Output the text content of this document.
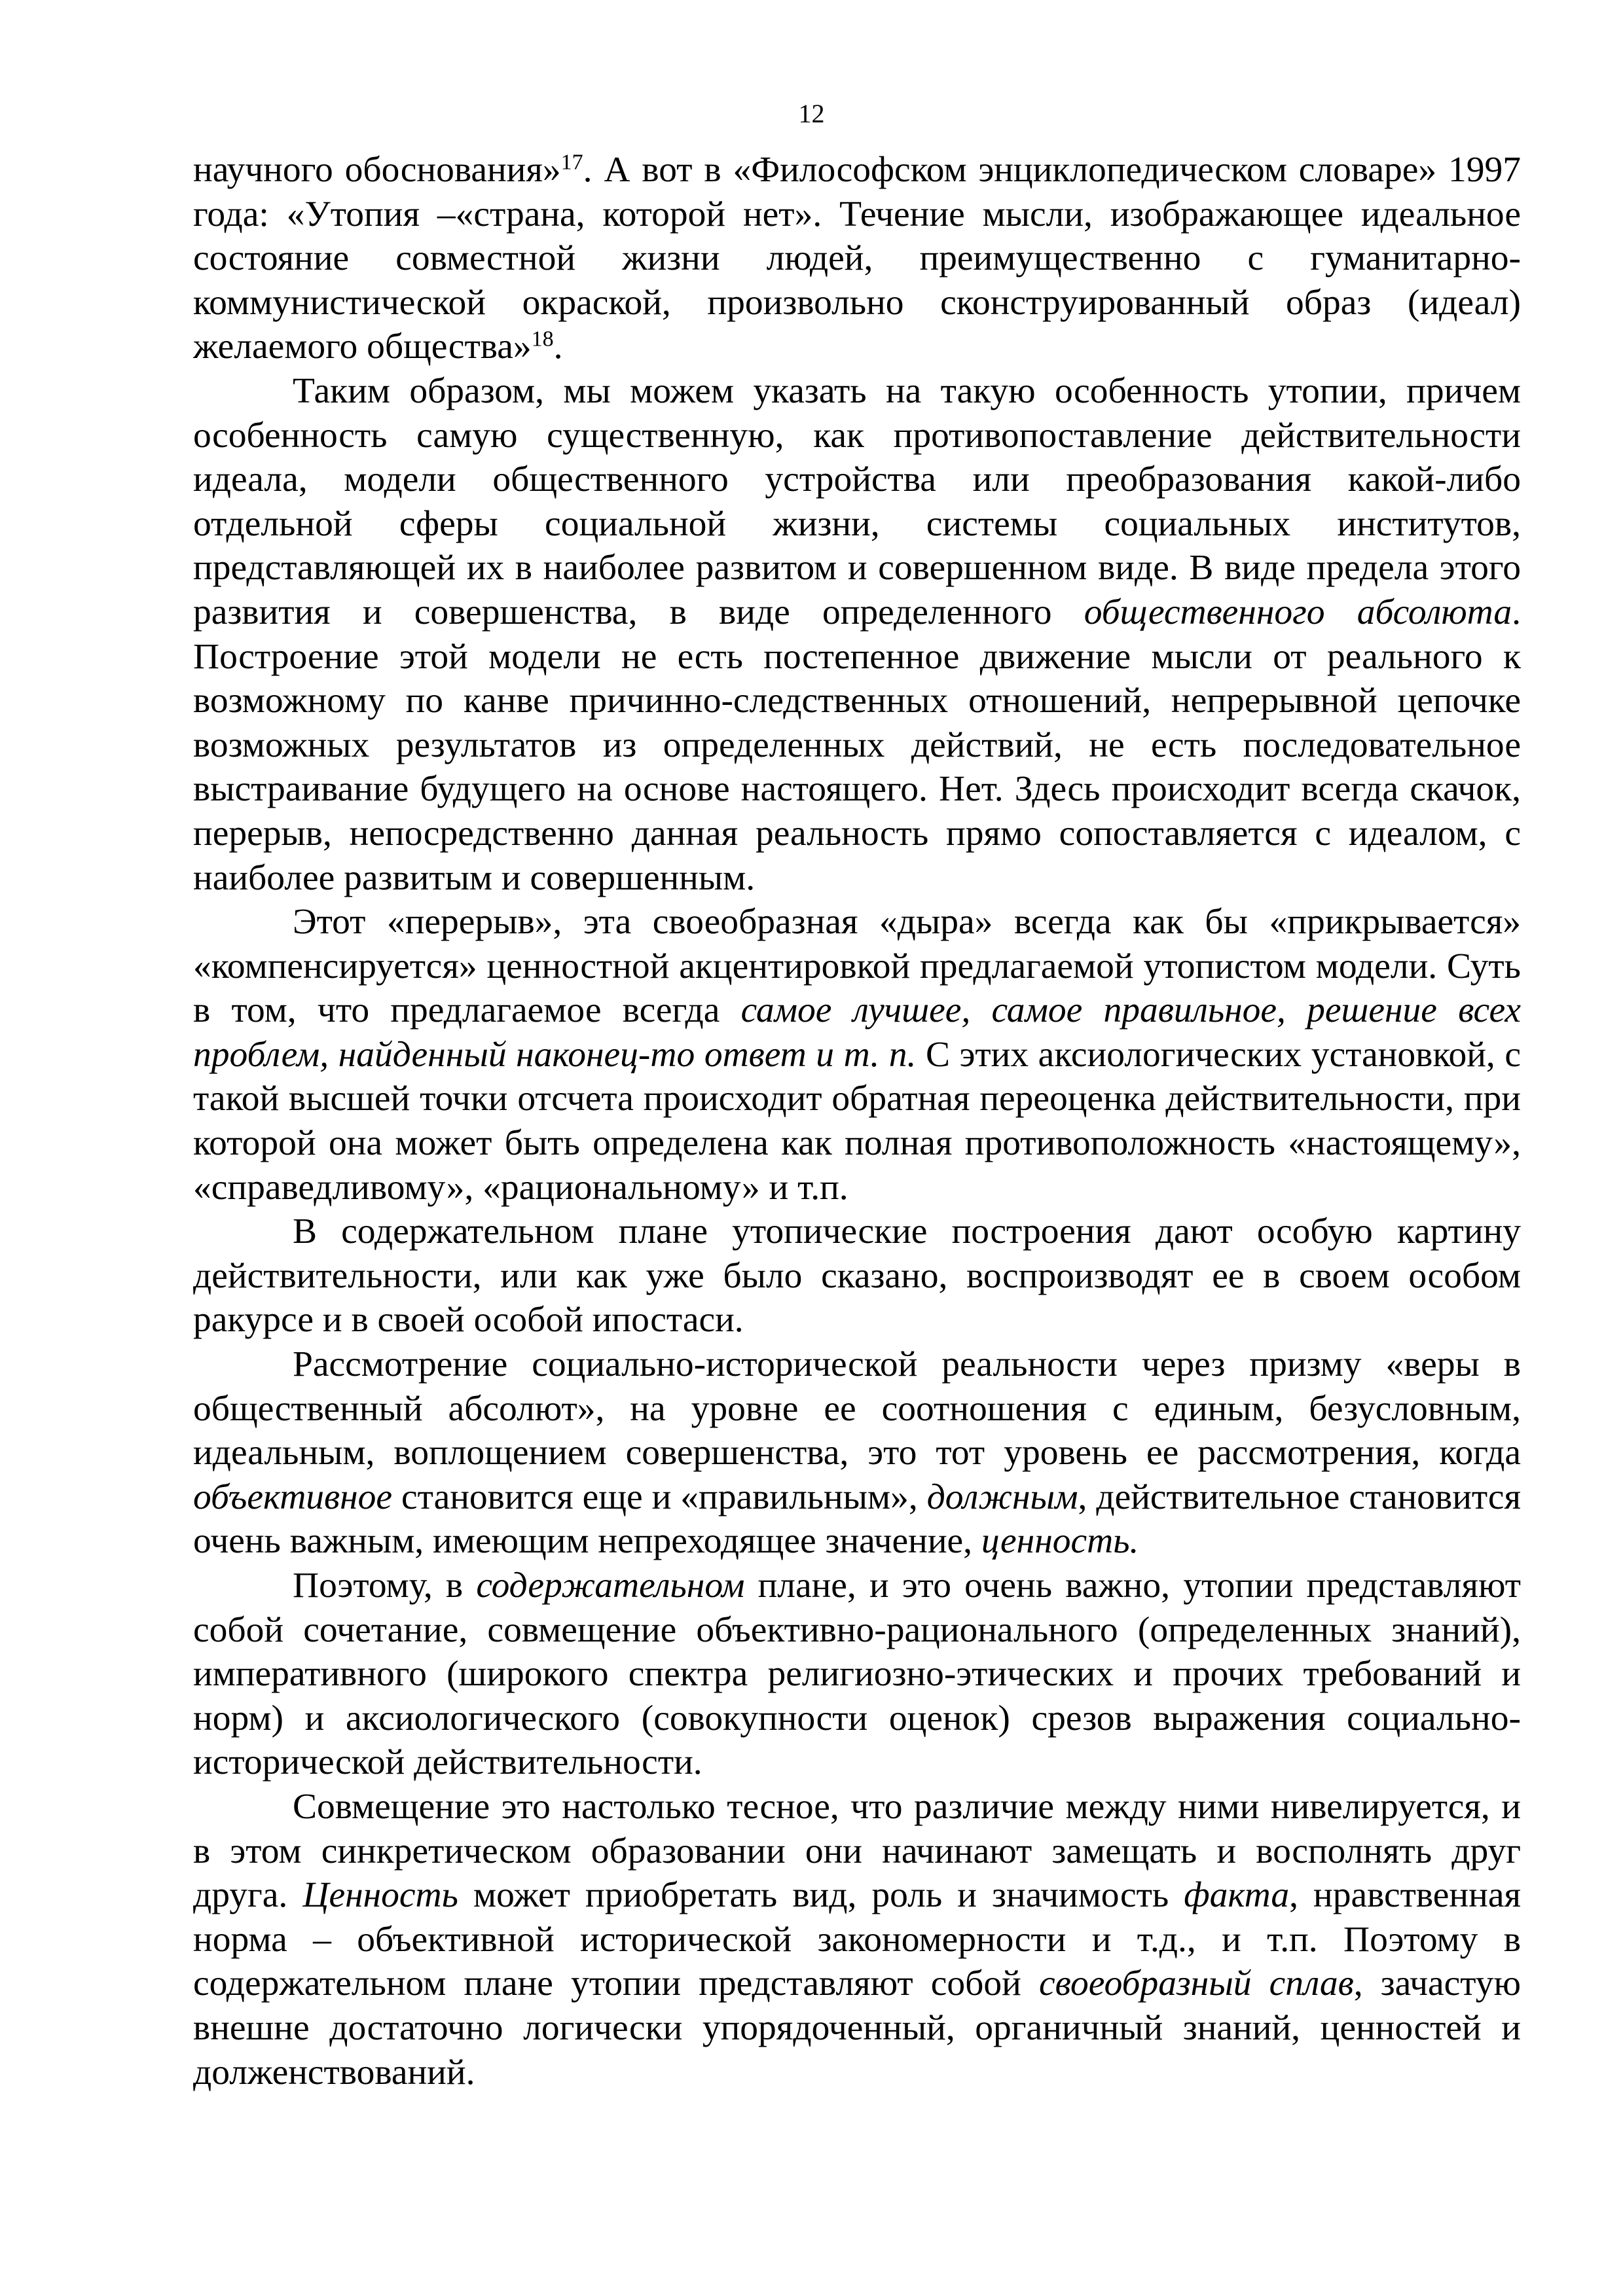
12

научного обоснования»$^{17}$. А вот в «Философском энциклопедическом словаре» 1997 года: «Утопия –«страна, которой нет». Течение мысли, изображающее идеальное состояние совместной жизни людей, преимущественно с гуманитарно-коммунистической окраской, произвольно сконструированный образ (идеал) желаемого общества»$^{18}$.

Таким образом, мы можем указать на такую особенность утопии, причем особенность самую существенную, как противопоставление действительности идеала, модели общественного устройства или преобразования какой-либо отдельной сферы социальной жизни, системы социальных институтов, представляющей их в наиболее развитом и совершенном виде. В виде предела этого развития и совершенства, в виде определенного общественного абсолюта. Построение этой модели не есть постепенное движение мысли от реального к возможному по канве причинно-следственных отношений, непрерывной цепочке возможных результатов из определенных действий, не есть последовательное выстраивание будущего на основе настоящего. Нет. Здесь происходит всегда скачок, перерыв, непосредственно данная реальность прямо сопоставляется с идеалом, с наиболее развитым и совершенным.

Этот «перерыв», эта своеобразная «дыра» всегда как бы «прикрывается» «компенсируется» ценностной акцентировкой предлагаемой утопистом модели. Суть в том, что предлагаемое всегда самое лучшее, самое правильное, решение всех проблем, найденный наконец-то ответ и т. п. С этих аксиологических установкой, с такой высшей точки отсчета происходит обратная переоценка действительности, при которой она может быть определена как полная противоположность «настоящему», «справедливому», «рациональному» и т.п.

В содержательном плане утопические построения дают особую картину действительности, или как уже было сказано, воспроизводят ее в своем особом ракурсе и в своей особой ипостаси.

Рассмотрение социально-исторической реальности через призму «веры в общественный абсолют», на уровне ее соотношения с единым, безусловным, идеальным, воплощением совершенства, это тот уровень ее рассмотрения, когда объективное становится еще и «правильным», должным, действительное становится очень важным, имеющим непреходящее значение, ценность.

Поэтому, в содержательном плане, и это очень важно, утопии представляют собой сочетание, совмещение объективно-рационального (определенных знаний), императивного (широкого спектра религиозно-этических и прочих требований и норм) и аксиологического (совокупности оценок) срезов выражения социально-исторической действительности.

Совмещение это настолько тесное, что различие между ними нивелируется, и в этом синкретическом образовании они начинают замещать и восполнять друг друга. Ценность может приобретать вид, роль и значимость факта, нравственная норма – объективной исторической закономерности и т.д., и т.п. Поэтому в содержательном плане утопии представляют собой своеобразный сплав, зачастую внешне достаточно логически упорядоченный, органичный знаний, ценностей и долженствований.
